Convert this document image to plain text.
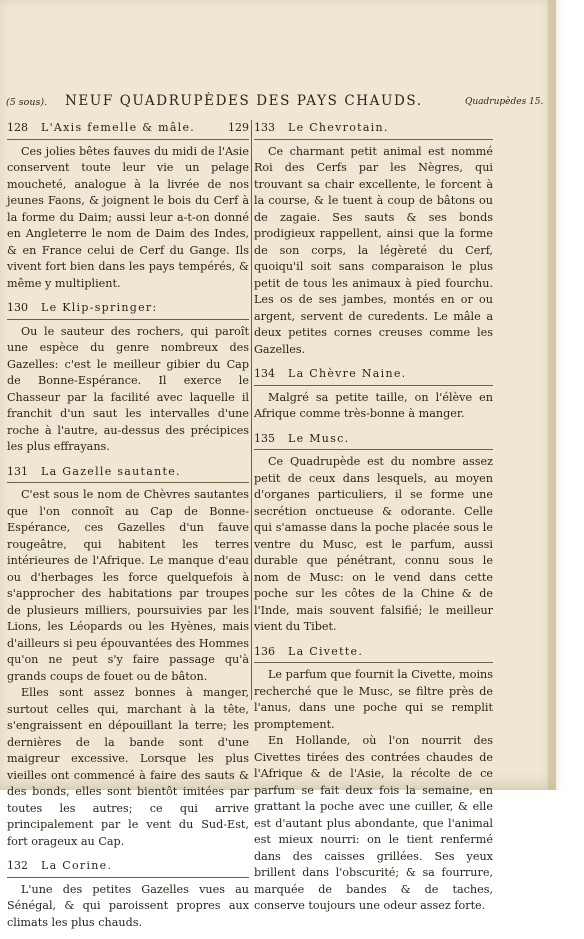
(5 sous). NEUF QUADRUPÈDES DES PAYS CHAUDS.	Quadrupèdes 15.
128	L'Axis femelle & mâle.	129

Ces jolies bêtes fauves du midi de l'Asie conservent toute leur vie un pelage moucheté, analogue à la livrée de nos jeunes Faons, & joignent le bois du Cerf à la forme du Daim; aussi leur a-t-on donné en Angleterre le nom de Daim des Indes, & en France celui de Cerf du Gange. Ils vivent fort bien dans les pays tempérés, & même y multiplient.

130	Le Klip-springer:

Ou le sauteur des rochers, qui paroît une espèce du genre nombreux des Gazelles: c'est le meilleur gibier du Cap de Bonne-Espérance. Il exerce le Chasseur par la facilité avec laquelle il franchit d'un saut les intervalles d'une roche à l'autre, au-dessus des précipices les plus effrayans.

131	La Gazelle sautante.

C'est sous le nom de Chèvres sautantes que l'on connoît au Cap de Bonne-Espérance, ces Gazelles d'un fauve rougeâtre, qui habitent les terres intérieures de l'Afrique. Le manque d'eau ou d'herbages les force quelquefois à s'approcher des habitations par troupes de plusieurs milliers, poursuivies par les Lions, les Léopards ou les Hyènes, mais d'ailleurs si peu épouvantées des Hommes qu'on ne peut s'y faire passage qu'à grands coups de fouet ou de bâton.

Elles sont assez bonnes à manger, surtout celles qui, marchant à la tête, s'engraissent en dépouillant la terre; les dernières de la bande sont d'une maigreur excessive. Lorsque les plus vieilles ont commencé à faire des sauts & des bonds, elles sont bientôt imitées par toutes les autres; ce qui arrive principalement par le vent du Sud-Est, fort orageux au Cap.

132	La Corine.

L'une des petites Gazelles vues au Sénégal, & qui paroissent propres aux climats les plus chauds.

133	Le Chevrotain.

Ce charmant petit animal est nommé Roi des Cerfs par les Nègres, qui trouvant sa chair excellente, le forcent à la course, & le tuent à coup de bâtons ou de zagaie. Ses sauts & ses bonds prodigieux rappellent, ainsi que la forme de son corps, la légèreté du Cerf, quoiqu'il soit sans comparaison le plus petit de tous les animaux à pied fourchu. Les os de ses jambes, montés en or ou argent, servent de curedents. Le mâle a deux petites cornes creuses comme les Gazelles.

134	La Chèvre Naine.

Malgré sa petite taille, on l'élève en Afrique comme très-bonne à manger.

135	Le Musc.

Ce Quadrupède est du nombre assez petit de ceux dans lesquels, au moyen d'organes particuliers, il se forme une secrétion onctueuse & odorante. Celle qui s'amasse dans la poche placée sous le ventre du Musc, est le parfum, aussi durable que pénétrant, connu sous le nom de Musc: on le vend dans cette poche sur les côtes de la Chine & de l'Inde, mais souvent falsifié; le meilleur vient du Tibet.

136	La Civette.

Le parfum que fournit la Civette, moins recherché que le Musc, se filtre près de l'anus, dans une poche qui se remplit promptement.

En Hollande, où l'on nourrit des Civettes tirées des contrées chaudes de l'Afrique & de l'Asie, la récolte de ce parfum se fait deux fois la semaine, en grattant la poche avec une cuiller, & elle est d'autant plus abondante, que l'animal est mieux nourri: on le tient renfermé dans des caisses grillées. Ses yeux brillent dans l'obscurité; & sa fourrure, marquée de bandes & de taches, conserve toujours une odeur assez forte.
